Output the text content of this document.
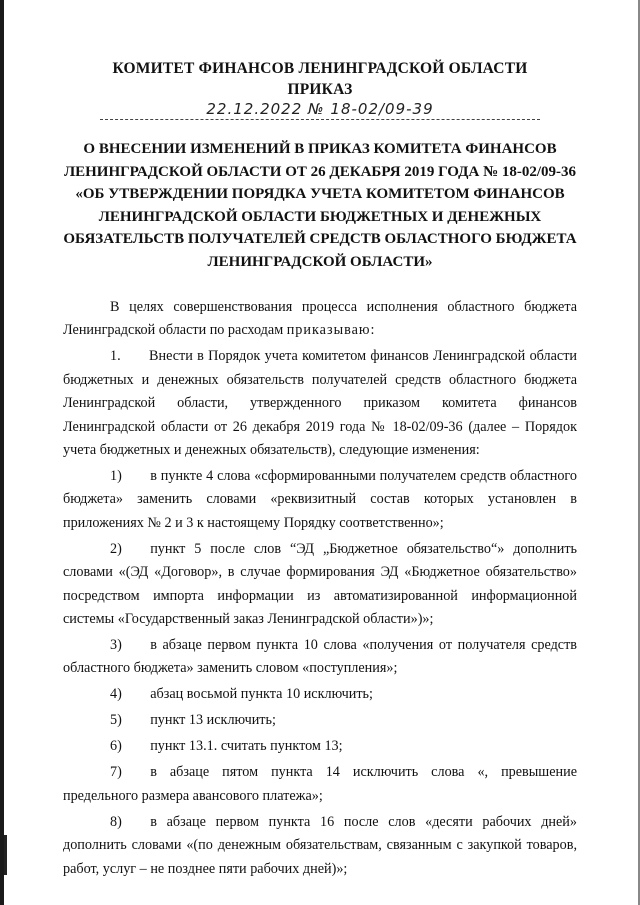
КОМИТЕТ ФИНАНСОВ ЛЕНИНГРАДСКОЙ ОБЛАСТИ
ПРИКАЗ
22.12.2022 № 18-02/09-39
О ВНЕСЕНИИ ИЗМЕНЕНИЙ В ПРИКАЗ КОМИТЕТА ФИНАНСОВ ЛЕНИНГРАДСКОЙ ОБЛАСТИ ОТ 26 ДЕКАБРЯ 2019 ГОДА № 18-02/09-36 «ОБ УТВЕРЖДЕНИИ ПОРЯДКА УЧЕТА КОМИТЕТОМ ФИНАНСОВ ЛЕНИНГРАДСКОЙ ОБЛАСТИ БЮДЖЕТНЫХ И ДЕНЕЖНЫХ ОБЯЗАТЕЛЬСТВ ПОЛУЧАТЕЛЕЙ СРЕДСТВ ОБЛАСТНОГО БЮДЖЕТА ЛЕНИНГРАДСКОЙ ОБЛАСТИ»

В целях совершенствования процесса исполнения областного бюджета Ленинградской области по расходам приказываю:

1.  Внести в Порядок учета комитетом финансов Ленинградской области бюджетных и денежных обязательств получателей средств областного бюджета Ленинградской области, утвержденного приказом комитета финансов Ленинградской области от 26 декабря 2019 года № 18-02/09-36 (далее – Порядок учета бюджетных и денежных обязательств), следующие изменения:

1)  в пункте 4 слова «сформированными получателем средств областного бюджета» заменить словами «реквизитный состав которых установлен в приложениях № 2 и 3 к настоящему Порядку соответственно»;

2)  пункт 5 после слов “ЭД „Бюджетное обязательство“» дополнить словами «(ЭД «Договор», в случае формирования ЭД «Бюджетное обязательство» посредством импорта информации из автоматизированной информационной системы «Государственный заказ Ленинградской области»)»;

3)  в абзаце первом пункта 10 слова «получения от получателя средств областного бюджета» заменить словом «поступления»;

4)  абзац восьмой пункта 10 исключить;

5)  пункт 13 исключить;

6)  пункт 13.1. считать пунктом 13;

7)  в абзаце пятом пункта 14 исключить слова «, превышение предельного размера авансового платежа»;

8)  в абзаце первом пункта 16 после слов «десяти рабочих дней» дополнить словами «(по денежным обязательствам, связанным с закупкой товаров, работ, услуг – не позднее пяти рабочих дней)»;
